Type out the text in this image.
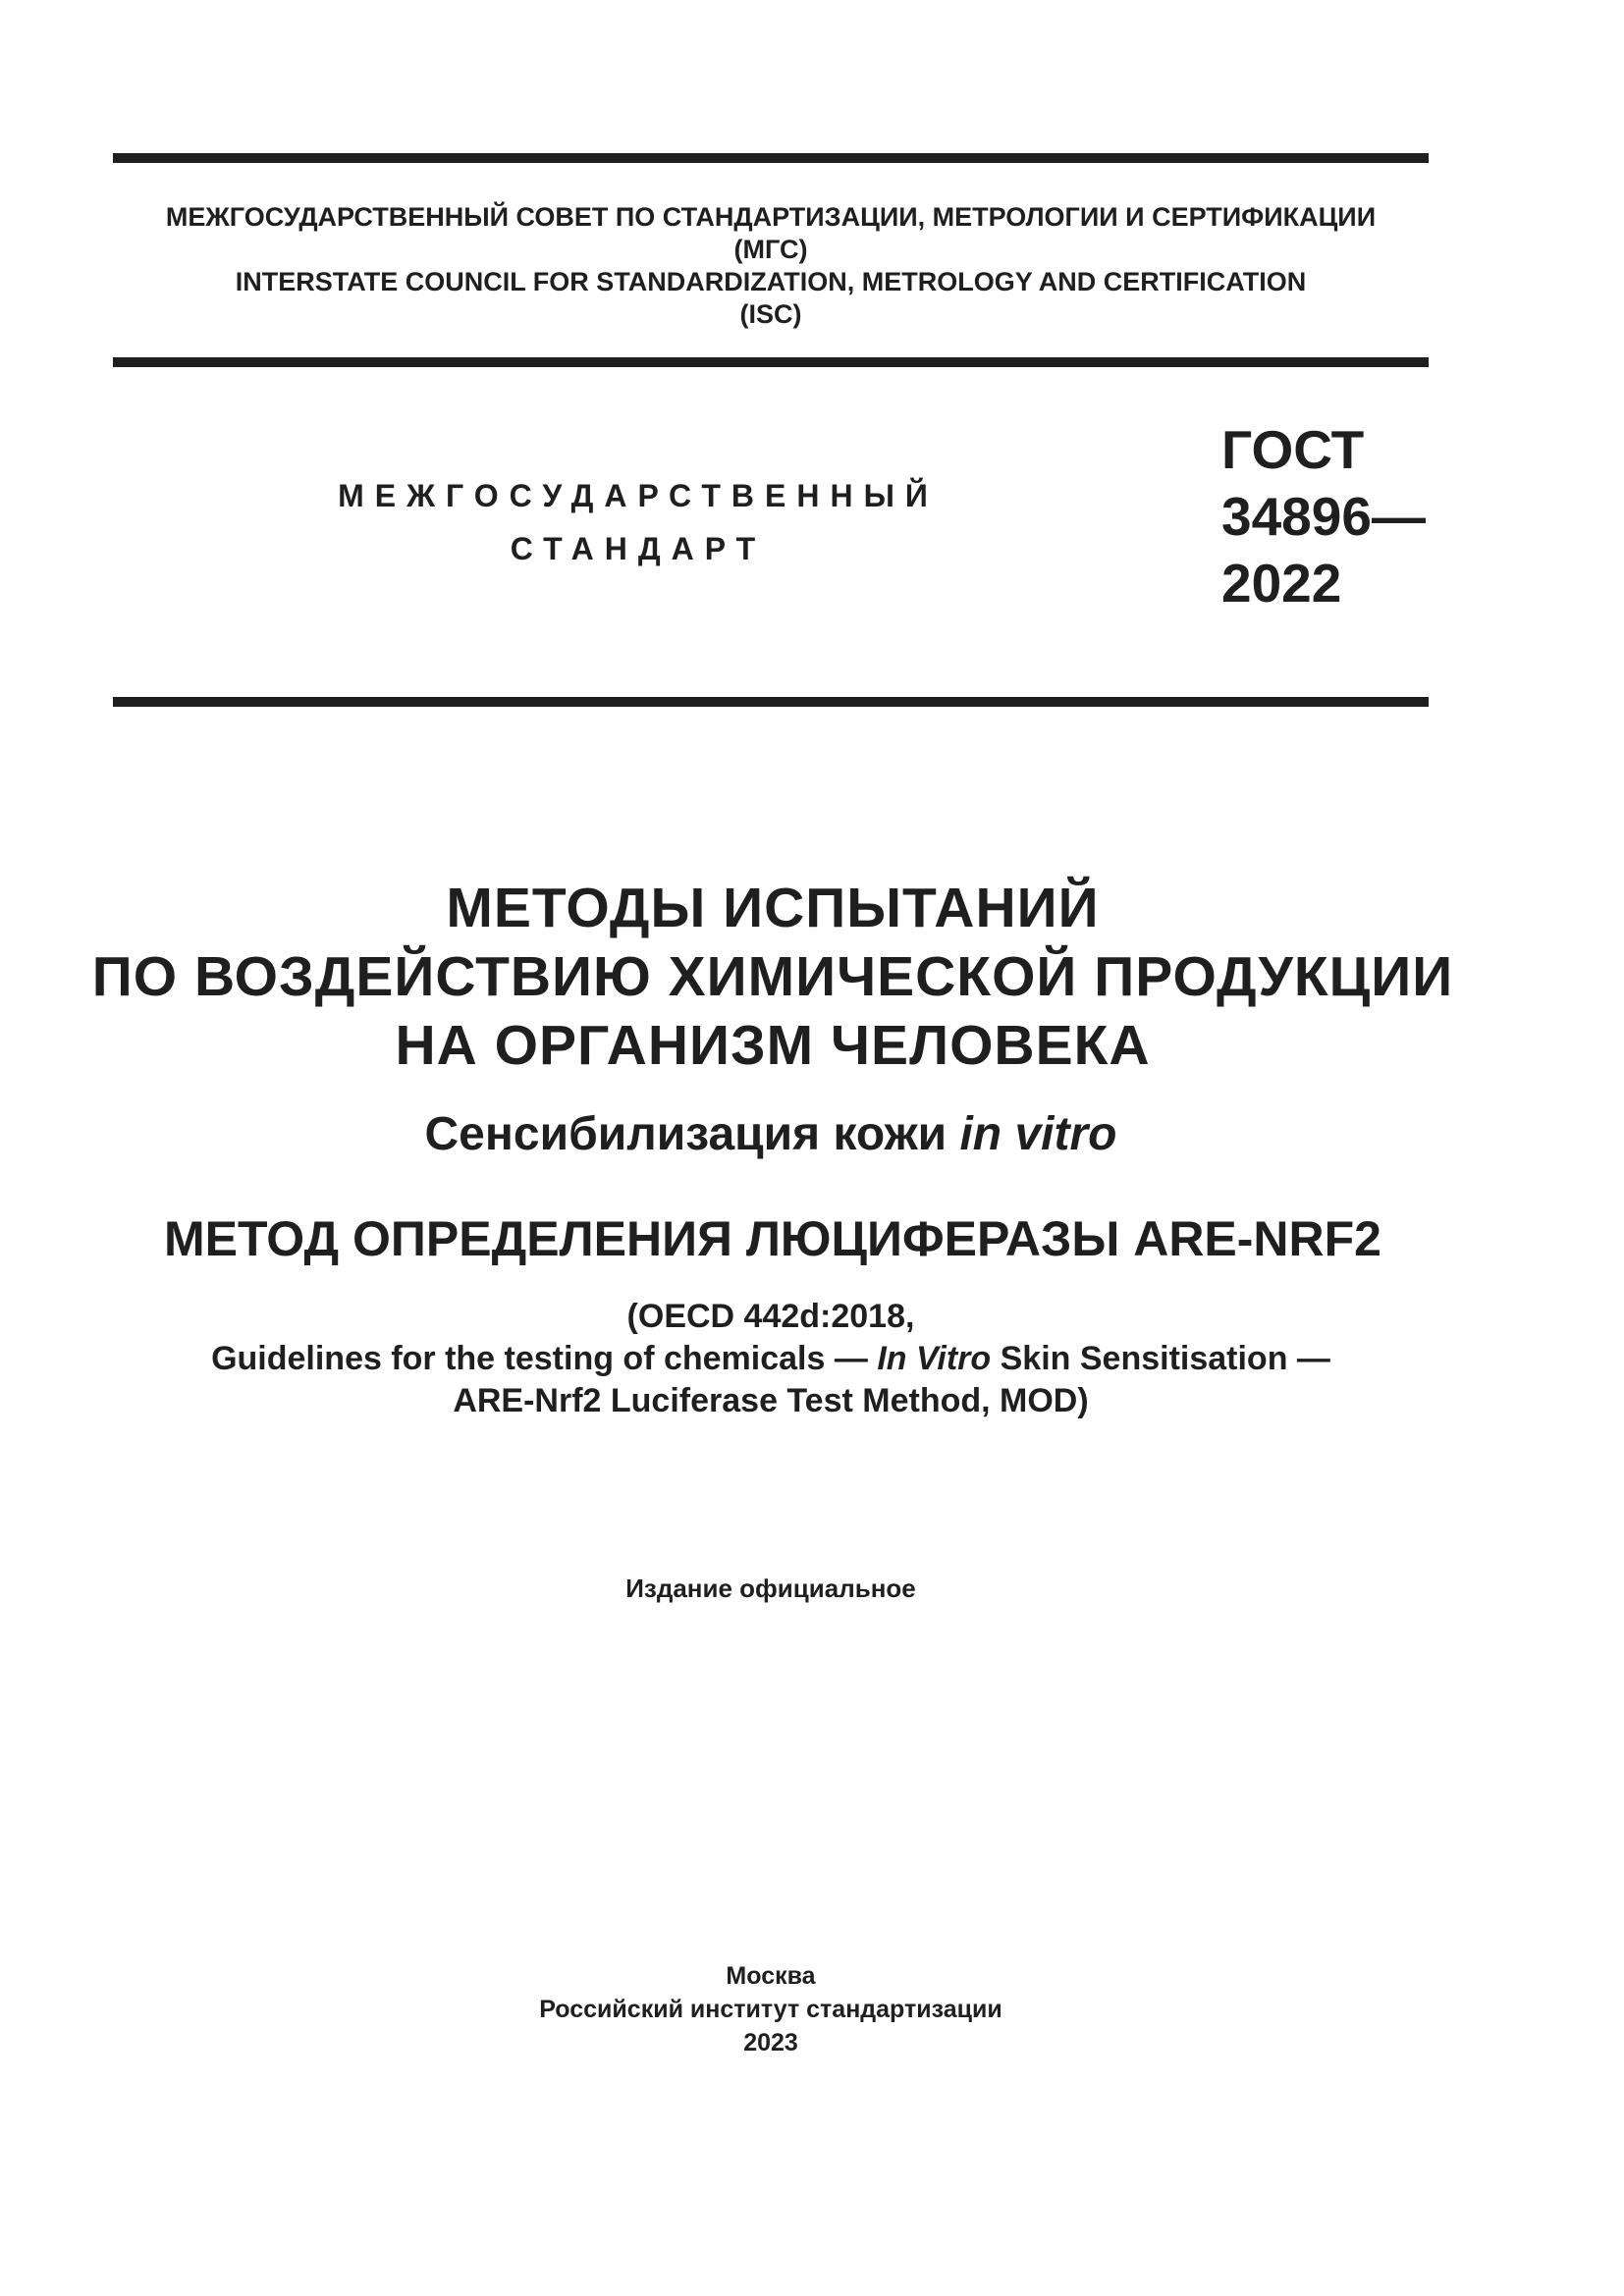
МЕЖГОСУДАРСТВЕННЫЙ СОВЕТ ПО СТАНДАРТИЗАЦИИ, МЕТРОЛОГИИ И СЕРТИФИКАЦИИ
(МГС)
INTERSTATE COUNCIL FOR STANDARDIZATION, METROLOGY AND CERTIFICATION
(ISC)
МЕЖГОСУДАРСТВЕННЫЙ
СТАНДАРТ
ГОСТ
34896—
2022
МЕТОДЫ ИСПЫТАНИЙ
ПО ВОЗДЕЙСТВИЮ ХИМИЧЕСКОЙ ПРОДУКЦИИ
НА ОРГАНИЗМ ЧЕЛОВЕКА
Сенсибилизация кожи in vitro
МЕТОД ОПРЕДЕЛЕНИЯ ЛЮЦИФЕРАЗЫ ARE-NRF2
(OECD 442d:2018,
Guidelines for the testing of chemicals — In Vitro Skin Sensitisation —
ARE-Nrf2 Luciferase Test Method, MOD)
Издание официальное
Москва
Российский институт стандартизации
2023
